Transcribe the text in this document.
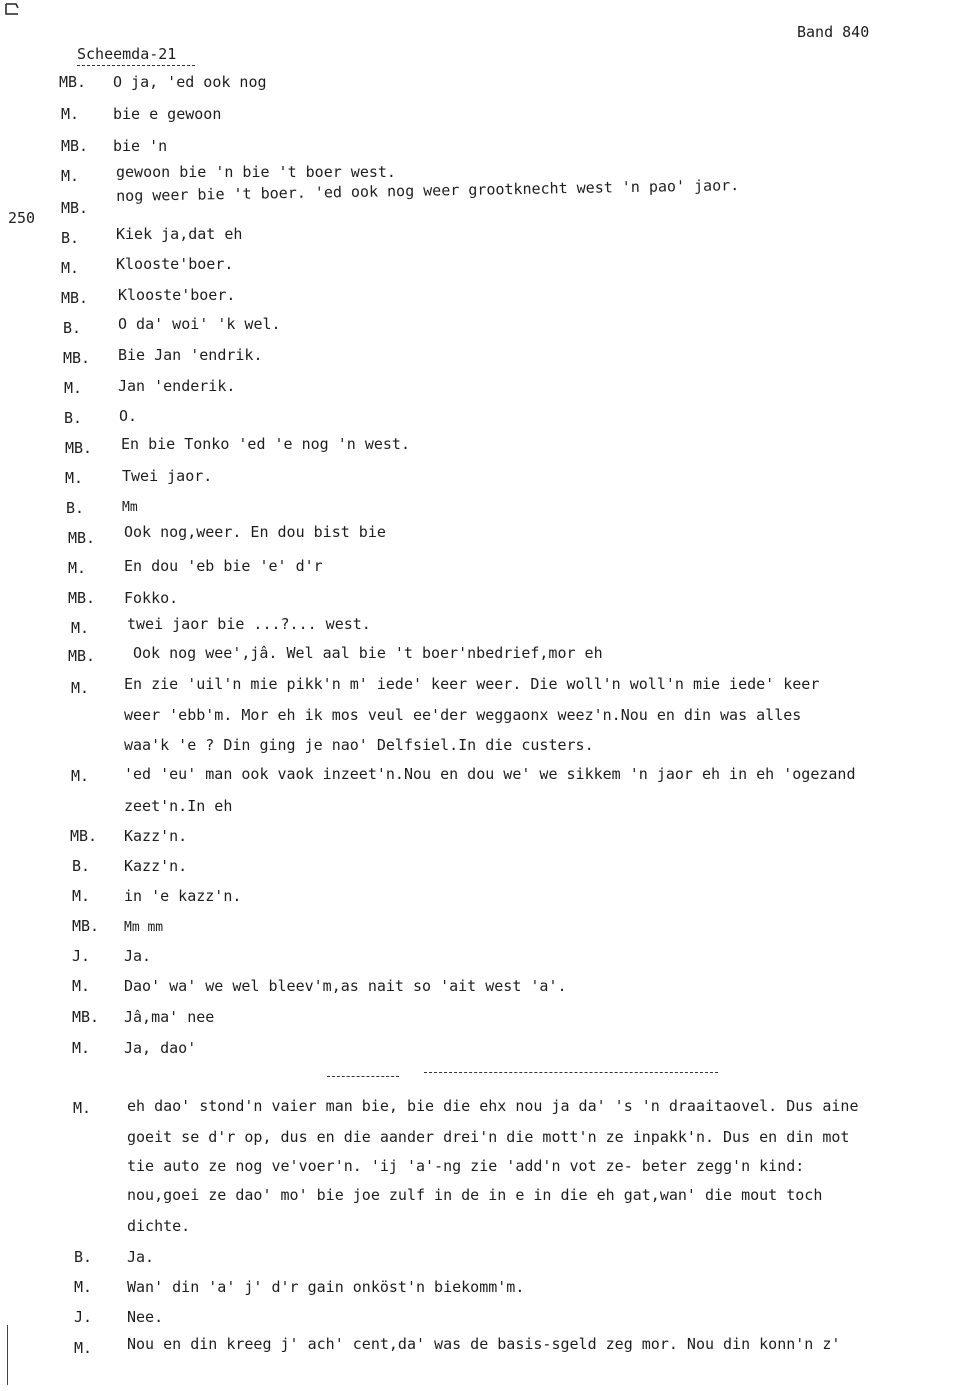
Band 840
Scheemda-21
250
MB. O ja, 'ed ook nog
M. bie e gewoon
MB. bie 'n
M. gewoon bie 'n bie 't boer west.
MB.
nog weer bie 't boer. 'ed ook nog weer grootknecht west 'n pao' jaor.
B. Kiek ja,dat eh
M. Klooste'boer.
MB. Klooste'boer.
B. O da' woi' 'k wel.
MB. Bie Jan 'endrik.
M. Jan 'enderik.
B. O.
MB. En bie Tonko 'ed 'e nog 'n west.
M.	Twei jaor.
B.	Mm
MB. Ook nog,weer. En dou bist bie
M.	En dou 'eb bie 'e' d'r
MB. Fokko.
M.	twei jaor bie ...?... west.
MB.	Ook nog wee',jâ. Wel aal bie 't boer'nbedrief,mor eh
M. En zie 'uil'n mie pikk'n m' iede' keer weer. Die woll'n woll'n mie iede' keer
weer 'ebb'm. Mor eh ik mos veul ee'der weggaonx weez'n.Nou en din was alles
waa'k 'e ? Din ging je nao' Delfsiel.In die custers.
M. 'ed 'eu' man ook vaok inzeet'n.Nou en dou we' we sikkem 'n jaor eh in eh 'ogezand
zeet'n.In eh
MB. Kazz'n.
B. Kazz'n.
M. in 'e kazz'n.
MB. Mm mm
J. Ja.
M. Dao' wa' we wel bleev'm,as nait so 'ait west 'a'.
MB. Jâ,ma' nee
M. Ja, dao'
M. eh dao' stond'n vaier man bie, bie die ehx nou ja da' 's 'n draaitaovel. Dus aine
goeit se d'r op, dus en die aander drei'n die mott'n ze inpakk'n. Dus en din mot
tie auto ze nog ve'voer'n. 'ij 'a'-ng zie 'add'n vot ze- beter zegg'n kind:
nou,goei ze dao' mo' bie joe zulf in de in e in die eh gat,wan' die mout toch
dichte.
B. Ja.
M. Wan' din 'a' j' d'r gain onköst'n biekomm'm.
J. Nee.
M. Nou en din kreeg j' ach' cent,da' was de basis-sgeld zeg mor. Nou din konn'n z'
